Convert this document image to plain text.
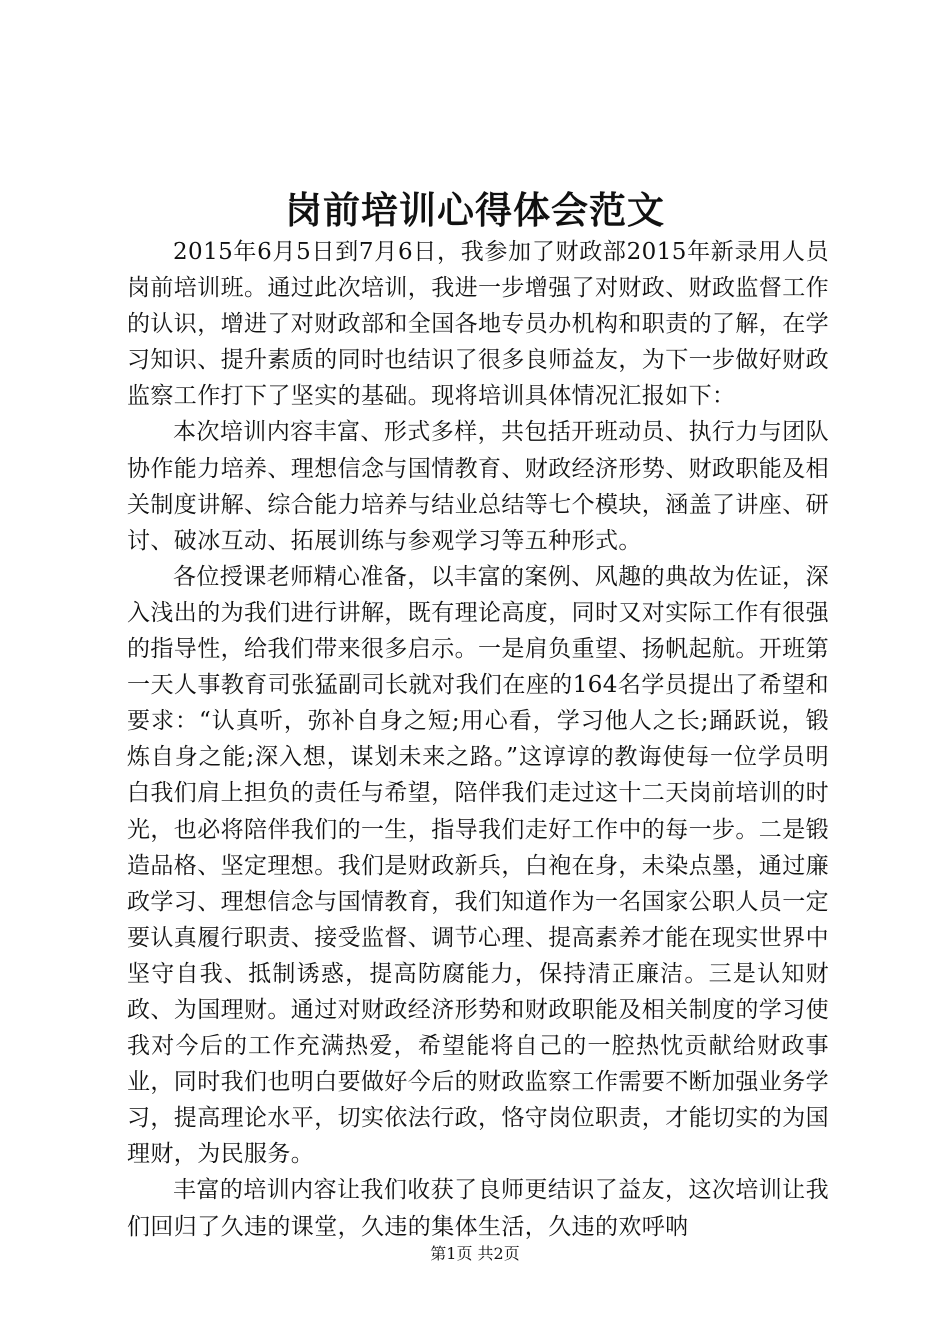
岗前培训心得体会范文

2015年6月5日到7月6日，我参加了财政部2015年新录用人员岗前培训班。通过此次培训，我进一步增强了对财政、财政监督工作的认识，增进了对财政部和全国各地专员办机构和职责的了解，在学习知识、提升素质的同时也结识了很多良师益友，为下一步做好财政监察工作打下了坚实的基础。现将培训具体情况汇报如下：

本次培训内容丰富、形式多样，共包括开班动员、执行力与团队协作能力培养、理想信念与国情教育、财政经济形势、财政职能及相关制度讲解、综合能力培养与结业总结等七个模块，涵盖了讲座、研讨、破冰互动、拓展训练与参观学习等五种形式。

各位授课老师精心准备，以丰富的案例、风趣的典故为佐证，深入浅出的为我们进行讲解，既有理论高度，同时又对实际工作有很强的指导性，给我们带来很多启示。一是肩负重望、扬帆起航。开班第一天人事教育司张猛副司长就对我们在座的164名学员提出了希望和要求：“认真听，弥补自身之短;用心看，学习他人之长;踊跃说，锻炼自身之能;深入想，谋划未来之路。”这谆谆的教诲使每一位学员明白我们肩上担负的责任与希望，陪伴我们走过这十二天岗前培训的时光，也必将陪伴我们的一生，指导我们走好工作中的每一步。二是锻造品格、坚定理想。我们是财政新兵，白袍在身，未染点墨，通过廉政学习、理想信念与国情教育，我们知道作为一名国家公职人员一定要认真履行职责、接受监督、调节心理、提高素养才能在现实世界中坚守自我、抵制诱惑，提高防腐能力，保持清正廉洁。三是认知财政、为国理财。通过对财政经济形势和财政职能及相关制度的学习使我对今后的工作充满热爱，希望能将自己的一腔热忱贡献给财政事业，同时我们也明白要做好今后的财政监察工作需要不断加强业务学习，提高理论水平，切实依法行政，恪守岗位职责，才能切实的为国理财，为民服务。

丰富的培训内容让我们收获了良师更结识了益友，这次培训让我们回归了久违的课堂，久违的集体生活，久违的欢呼呐

第1页 共2页
